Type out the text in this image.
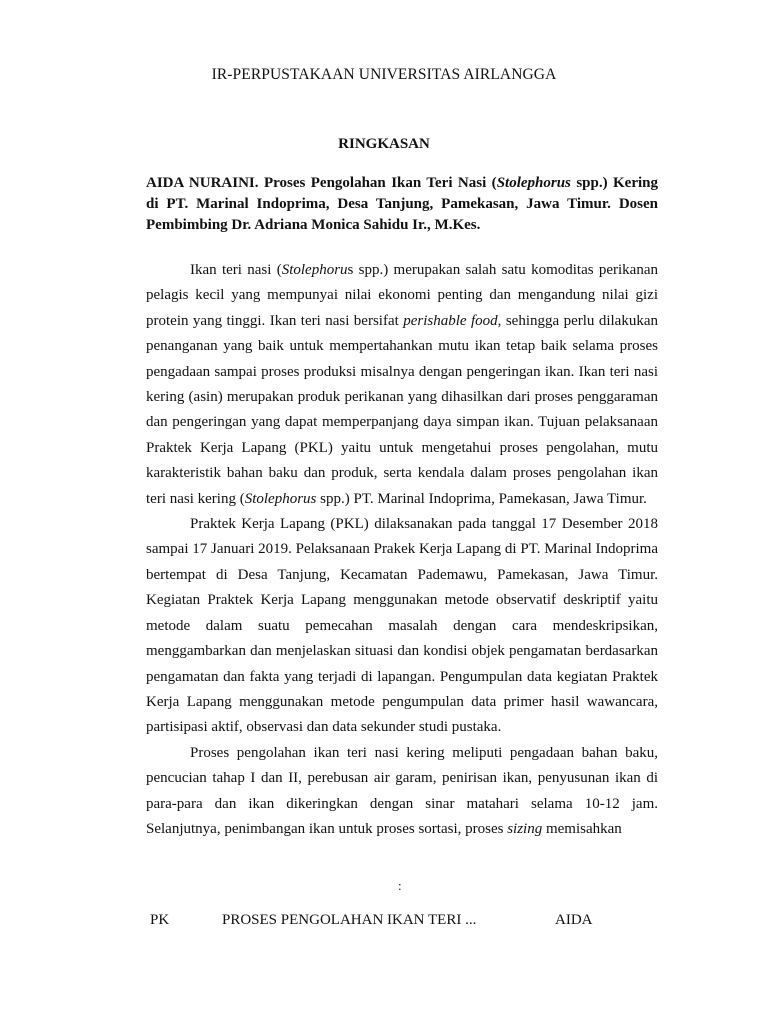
IR-PERPUSTAKAAN UNIVERSITAS AIRLANGGA
RINGKASAN
AIDA NURAINI. Proses Pengolahan Ikan Teri Nasi (Stolephorus spp.) Kering di PT. Marinal Indoprima, Desa Tanjung, Pamekasan, Jawa Timur. Dosen Pembimbing Dr. Adriana Monica Sahidu Ir., M.Kes.

Ikan teri nasi (Stolephorus spp.) merupakan salah satu komoditas perikanan pelagis kecil yang mempunyai nilai ekonomi penting dan mengandung nilai gizi protein yang tinggi. Ikan teri nasi bersifat perishable food, sehingga perlu dilakukan penanganan yang baik untuk mempertahankan mutu ikan tetap baik selama proses pengadaan sampai proses produksi misalnya dengan pengeringan ikan. Ikan teri nasi kering (asin) merupakan produk perikanan yang dihasilkan dari proses penggaraman dan pengeringan yang dapat memperpanjang daya simpan ikan. Tujuan pelaksanaan Praktek Kerja Lapang (PKL) yaitu untuk mengetahui proses pengolahan, mutu karakteristik bahan baku dan produk, serta kendala dalam proses pengolahan ikan teri nasi kering (Stolephorus spp.) PT. Marinal Indoprima, Pamekasan, Jawa Timur.

Praktek Kerja Lapang (PKL) dilaksanakan pada tanggal 17 Desember 2018 sampai 17 Januari 2019. Pelaksanaan Prakek Kerja Lapang di PT. Marinal Indoprima bertempat di Desa Tanjung, Kecamatan Pademawu, Pamekasan, Jawa Timur. Kegiatan Praktek Kerja Lapang menggunakan metode observatif deskriptif yaitu metode dalam suatu pemecahan masalah dengan cara mendeskripsikan, menggambarkan dan menjelaskan situasi dan kondisi objek pengamatan berdasarkan pengamatan dan fakta yang terjadi di lapangan. Pengumpulan data kegiatan Praktek Kerja Lapang menggunakan metode pengumpulan data primer hasil wawancara, partisipasi aktif, observasi dan data sekunder studi pustaka.

Proses pengolahan ikan teri nasi kering meliputi pengadaan bahan baku, pencucian tahap I dan II, perebusan air garam, penirisan ikan, penyusunan ikan di para-para dan ikan dikeringkan dengan sinar matahari selama 10-12 jam. Selanjutnya, penimbangan ikan untuk proses sortasi, proses sizing memisahkan

:
PK	PROSES PENGOLAHAN IKAN TERI ...	AIDA
